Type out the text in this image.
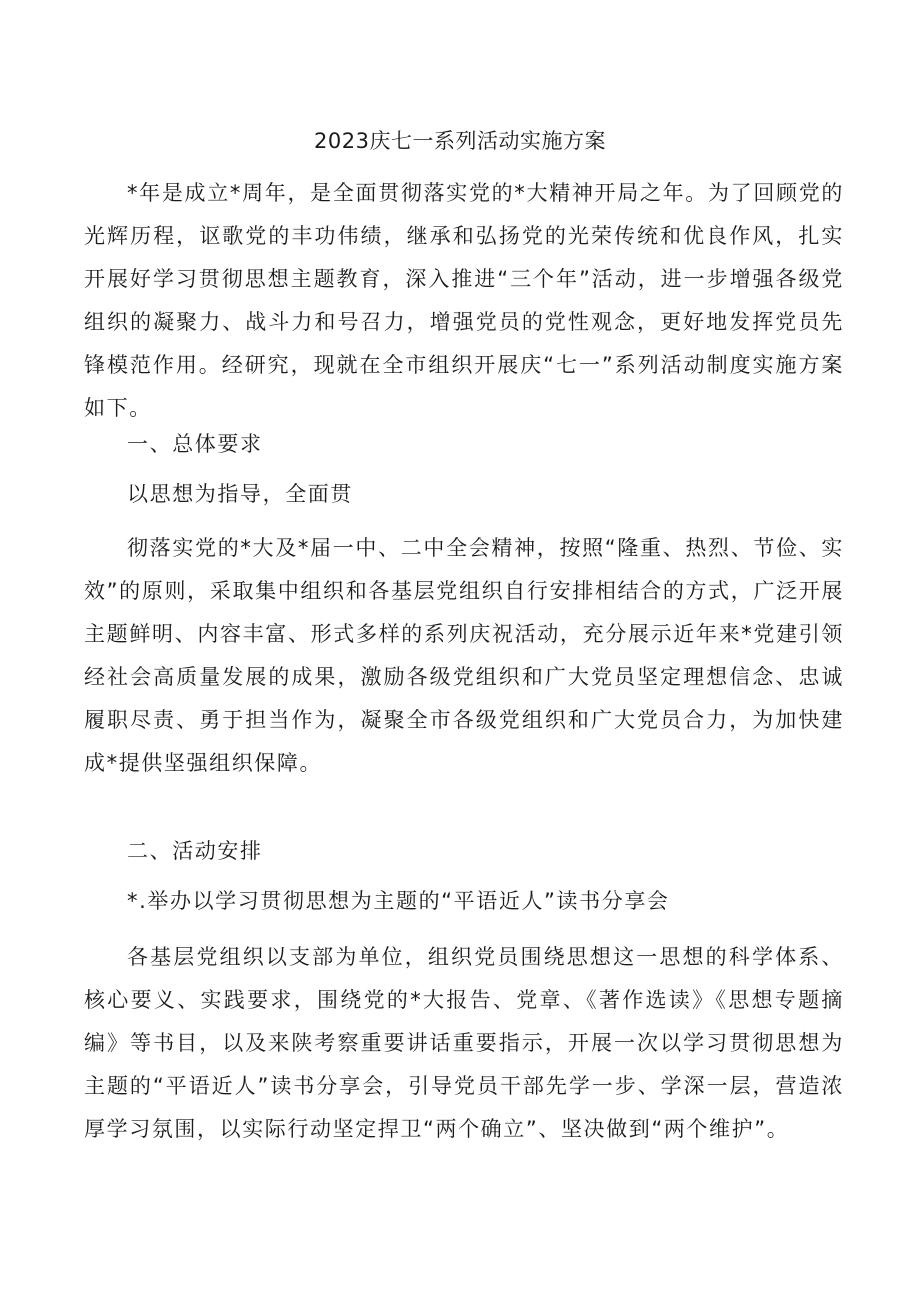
2023庆七一系列活动实施方案

*年是成立*周年，是全面贯彻落实党的*大精神开局之年。为了回顾党的光辉历程，讴歌党的丰功伟绩，继承和弘扬党的光荣传统和优良作风，扎实开展好学习贯彻思想主题教育，深入推进“三个年”活动，进一步增强各级党组织的凝聚力、战斗力和号召力，增强党员的党性观念，更好地发挥党员先锋模范作用。经研究，现就在全市组织开展庆“七一”系列活动制度实施方案如下。

一、总体要求

以思想为指导，全面贯

彻落实党的*大及*届一中、二中全会精神，按照“隆重、热烈、节俭、实效”的原则，采取集中组织和各基层党组织自行安排相结合的方式，广泛开展主题鲜明、内容丰富、形式多样的系列庆祝活动，充分展示近年来*党建引领经社会高质量发展的成果，激励各级党组织和广大党员坚定理想信念、忠诚履职尽责、勇于担当作为，凝聚全市各级党组织和广大党员合力，为加快建成*提供坚强组织保障。

二、活动安排

*.举办以学习贯彻思想为主题的“平语近人”读书分享会

各基层党组织以支部为单位，组织党员围绕思想这一思想的科学体系、核心要义、实践要求，围绕党的*大报告、党章、《著作选读》《思想专题摘编》等书目，以及来陕考察重要讲话重要指示，开展一次以学习贯彻思想为主题的“平语近人”读书分享会，引导党员干部先学一步、学深一层，营造浓厚学习氛围，以实际行动坚定捍卫“两个确立”、坚决做到“两个维护”。
